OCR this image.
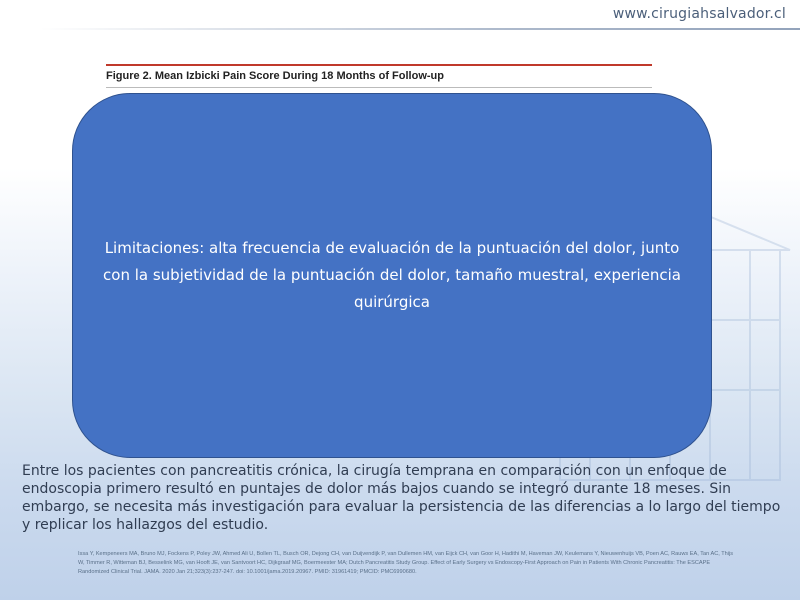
www.cirugiahsalvador.cl
Figure 2. Mean Izbicki Pain Score During 18 Months of Follow-up
Limitaciones: alta frecuencia de evaluación de la puntuación del dolor, junto con la subjetividad de la puntuación del dolor, tamaño muestral, experiencia quirúrgica
Entre los pacientes con pancreatitis crónica, la cirugía temprana en comparación con un enfoque de endoscopia primero resultó en puntajes de dolor más bajos cuando se integró durante 18 meses. Sin embargo, se necesita más investigación para evaluar la persistencia de las diferencias a lo largo del tiempo y replicar los hallazgos del estudio.
Issa Y, Kempeneers MA, Bruno MJ, Fockens P, Poley JW, Ahmed Ali U, Bollen TL, Busch OR, Dejong CH, van Duijvendijk P, van Dullemen HM, van Eijck CH, van Goor H, Hadithi M, Haveman JW, Keulemans Y, Nieuwenhuijs VB, Poen AC, Rauws EA, Tan AC, Thijs W, Timmer R, Witteman BJ, Besselink MG, van Hooft JE, van Santvoort HC, Dijkgraaf MG, Boermeester MA; Dutch Pancreatitis Study Group. Effect of Early Surgery vs Endoscopy-First Approach on Pain in Patients With Chronic Pancreatitis: The ESCAPE Randomized Clinical Trial. JAMA. 2020 Jan 21;323(3):237-247. doi: 10.1001/jama.2019.20967. PMID: 31961419; PMCID: PMC6990680.
